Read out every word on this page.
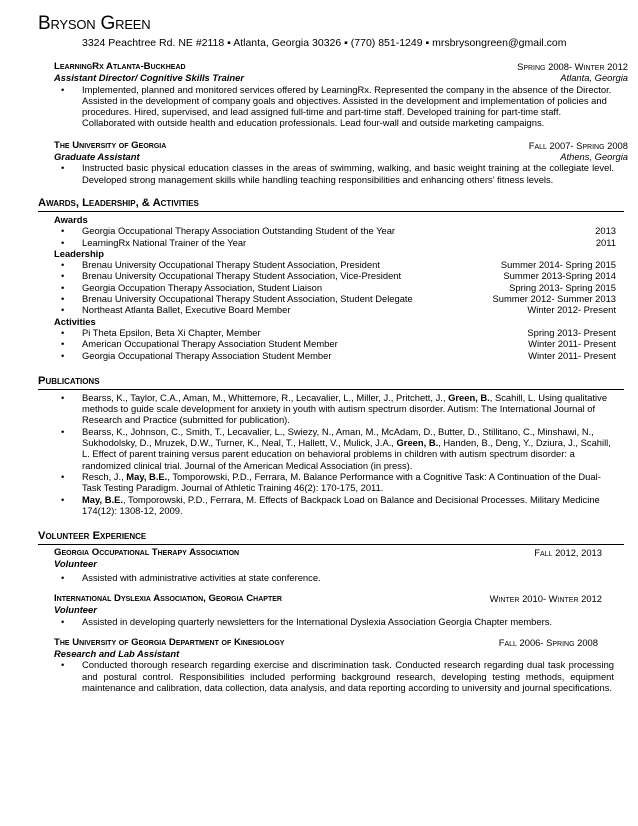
Bryson Green
3324 Peachtree Rd. NE #2118 ▪ Atlanta, Georgia 30326 ▪ (770) 851-1249 ▪ mrsbrysongreen@gmail.com
LearningRx Atlanta-Buckhead	Spring 2008- Winter 2012
Assistant Director/ Cognitive Skills Trainer	Atlanta, Georgia
• Implemented, planned and monitored services offered by LearningRx. Represented the company in the absence of the Director. Assisted in the development of company goals and objectives. Assisted in the development and implementation of policies and procedures. Hired, supervised, and lead assigned full-time and part-time staff. Developed training for part-time staff. Collaborated with outside health and education professionals. Lead four-wall and outside marketing campaigns.
The University of Georgia	Fall 2007- Spring 2008
Graduate Assistant	Athens, Georgia
• Instructed basic physical education classes in the areas of swimming, walking, and basic weight training at the collegiate level. Developed strong management skills while handling teaching responsibilities and enhancing others’ fitness levels.
Awards, Leadership, & Activities
Awards
• Georgia Occupational Therapy Association Outstanding Student of the Year	2013
• LearningRx National Trainer of the Year	2011
Leadership
• Brenau University Occupational Therapy Student Association, President	Summer 2014- Spring 2015
• Brenau University Occupational Therapy Student Association, Vice-President	Summer 2013-Spring 2014
• Georgia Occupation Therapy Association, Student Liaison	Spring 2013- Spring 2015
• Brenau University Occupational Therapy Student Association, Student Delegate	Summer 2012- Summer 2013
• Northeast Atlanta Ballet, Executive Board Member	Winter 2012- Present
Activities
• Pi Theta Epsilon, Beta Xi Chapter, Member	Spring 2013- Present
• American Occupational Therapy Association Student Member	Winter 2011- Present
• Georgia Occupational Therapy Association Student Member	Winter 2011- Present
Publications
• Bearss, K., Taylor, C.A., Aman, M., Whittemore, R., Lecavalier, L., Miller, J., Pritchett, J., Green, B., Scahill, L. Using qualitative methods to guide scale development for anxiety in youth with autism spectrum disorder. Autism: The International Journal of Research and Practice (submitted for publication).
• Bearss, K., Johnson, C., Smith, T., Lecavalier, L., Swiezy, N., Aman, M., McAdam, D., Butter, D., Stillitano, C., Minshawi, N., Sukhodolsky, D., Mruzek, D.W., Turner, K., Neal, T., Hallett, V., Mulick, J.A., Green, B., Handen, B., Deng, Y., Dziura, J., Scahill, L. Effect of parent training versus parent education on behavioral problems in children with autism spectrum disorder: a randomized clinical trial. Journal of the American Medical Association (in press).
• Resch, J., May, B.E., Tomporowski, P.D., Ferrara, M. Balance Performance with a Cognitive Task: A Continuation of the Dual-Task Testing Paradigm. Journal of Athletic Training 46(2): 170-175, 2011.
• May, B.E., Tomporowski, P.D., Ferrara, M. Effects of Backpack Load on Balance and Decisional Processes. Military Medicine 174(12): 1308-12, 2009.
Volunteer Experience
Georgia Occupational Therapy Association	Fall 2012, 2013
Volunteer
• Assisted with administrative activities at state conference.
International Dyslexia Association, Georgia Chapter	Winter 2010- Winter 2012
Volunteer
• Assisted in developing quarterly newsletters for the International Dyslexia Association Georgia Chapter members.
The University of Georgia Department of Kinesiology	Fall 2006- Spring 2008
Research and Lab Assistant
• Conducted thorough research regarding exercise and discrimination task. Conducted research regarding dual task processing and postural control. Responsibilities included performing background research, developing testing methods, equipment maintenance and calibration, data collection, data analysis, and data reporting according to university and journal specifications.
